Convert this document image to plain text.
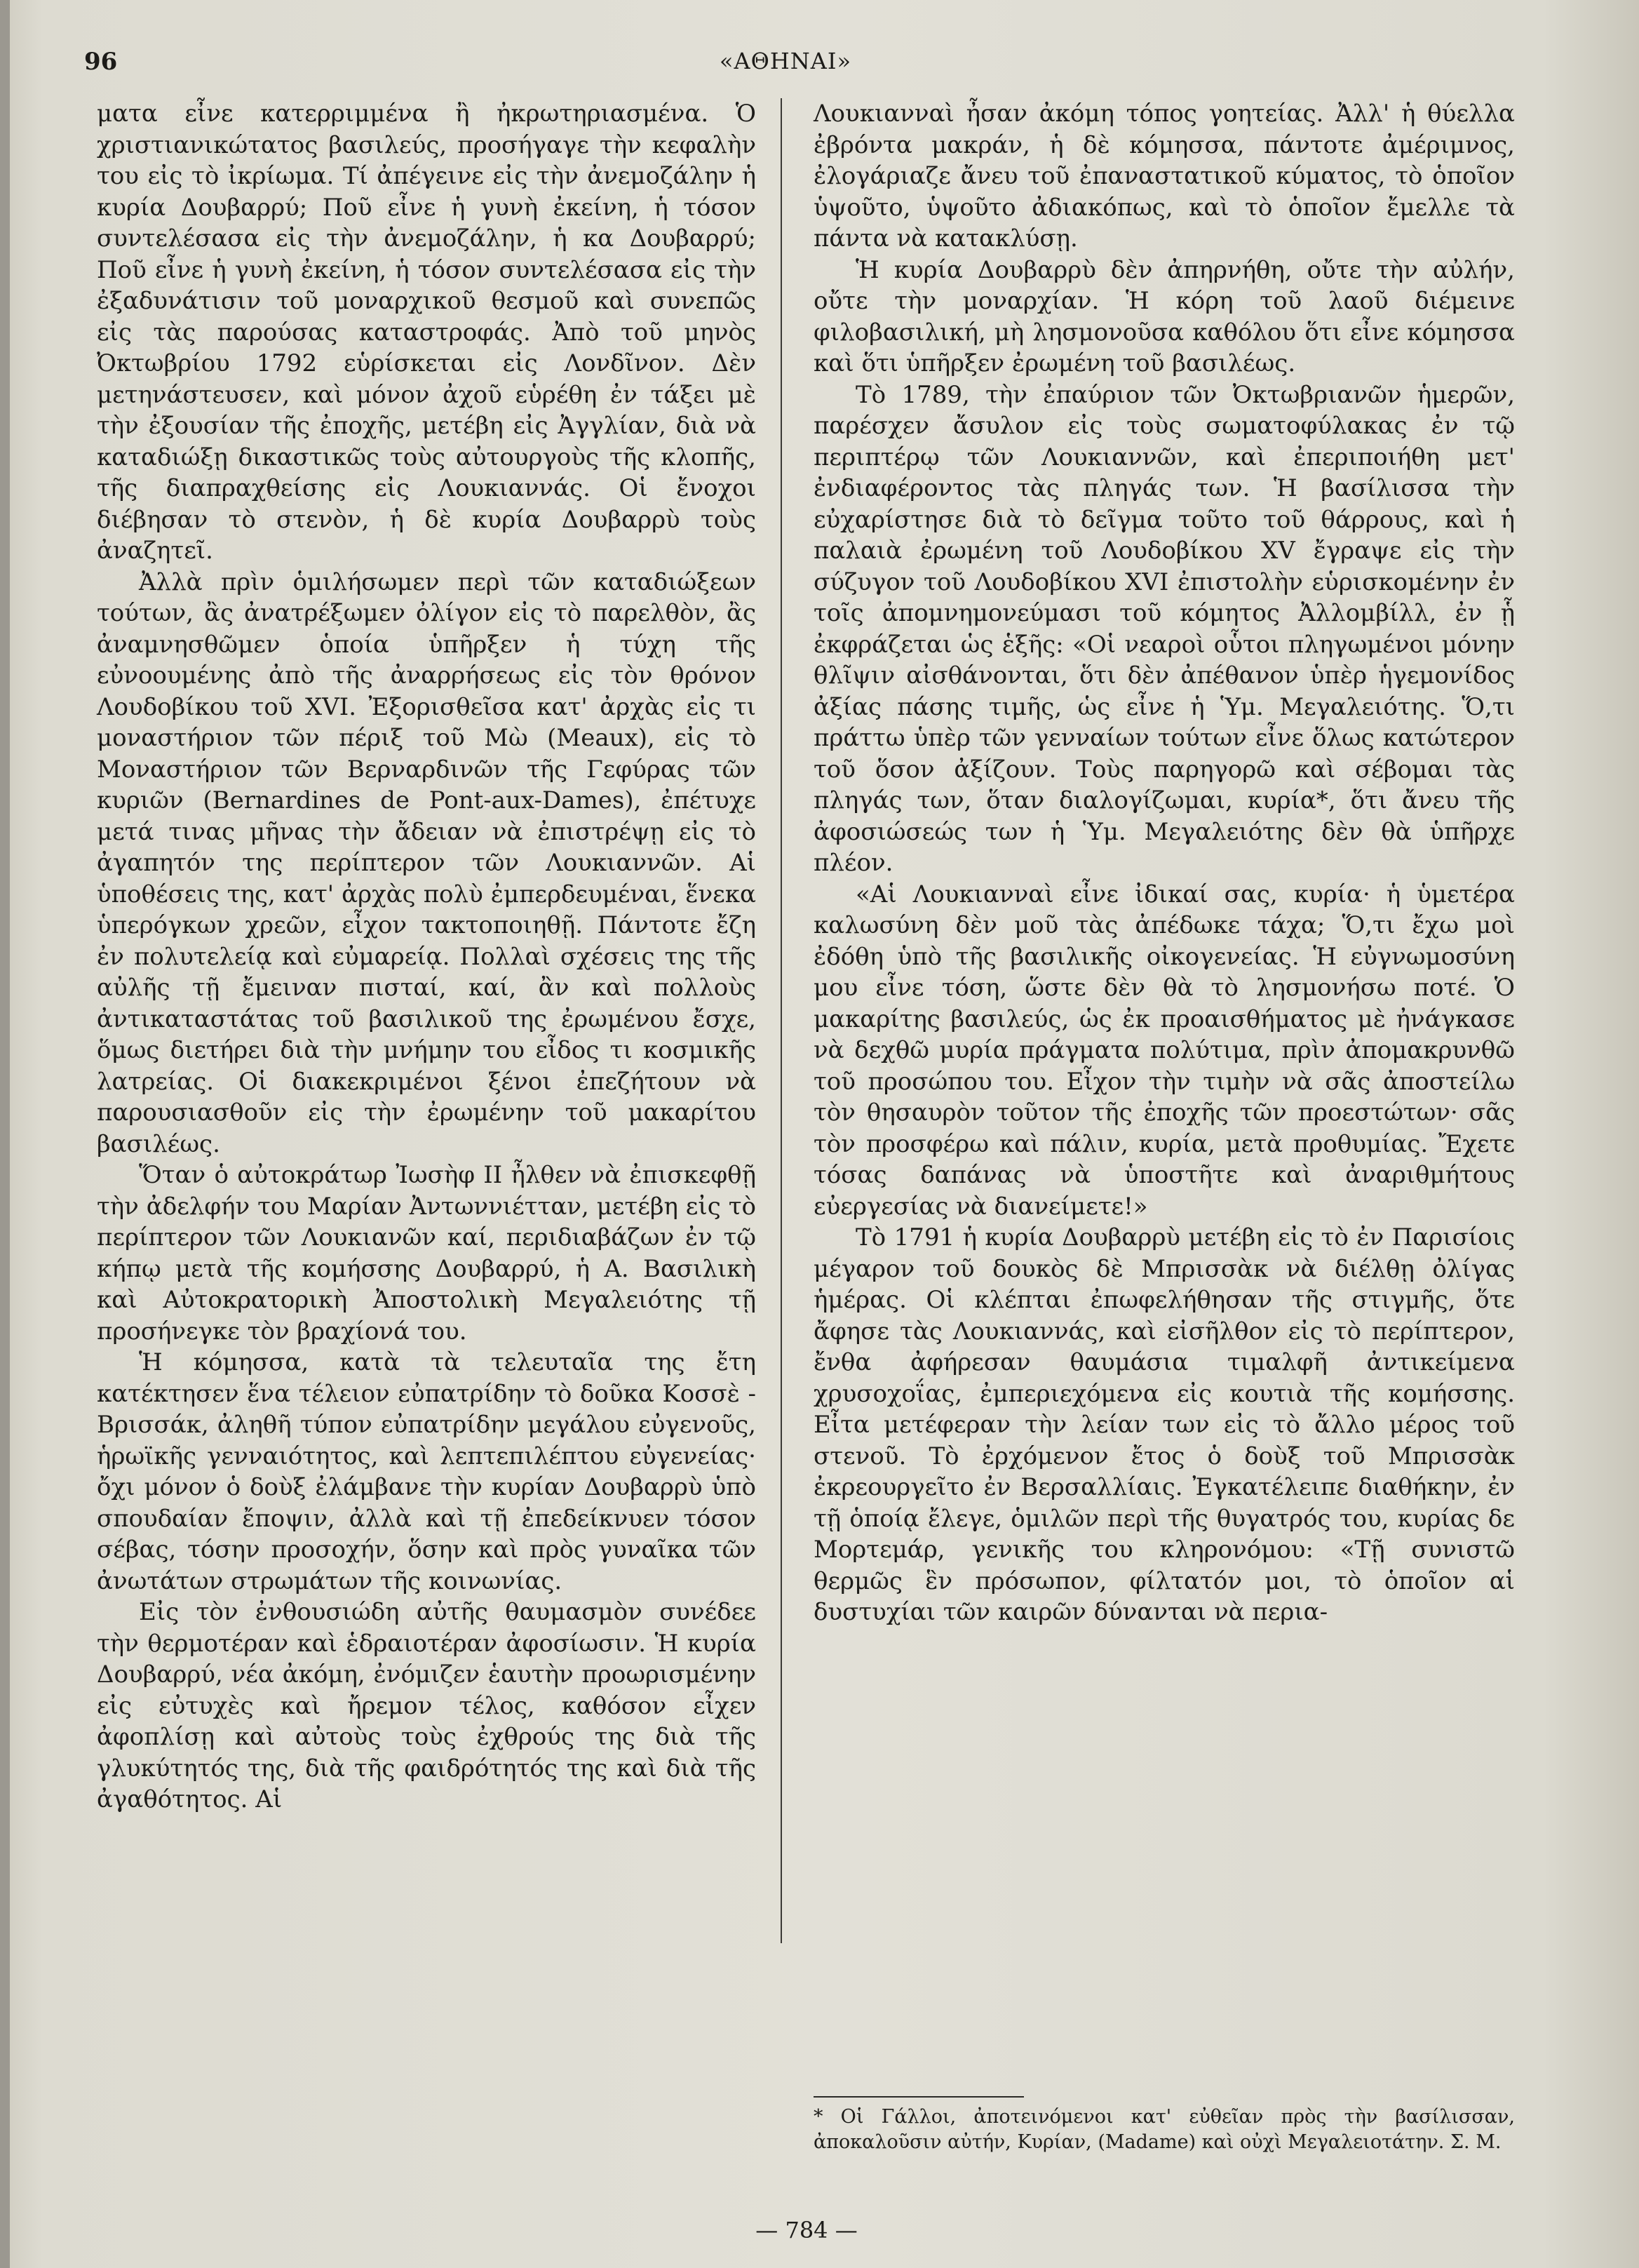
96	«ΑΘΗΝΑΙ»

ματα εἶνε κατερριμμένα ἢ ἠκρωτηριασμένα. Ὁ χριστιανικώτατος βασιλεύς, προσήγαγε τὴν κεφαλὴν του εἰς τὸ ἰκρίωμα. Τί ἀπέγεινε εἰς τὴν ἀνεμοζάλην ἡ κυρία Δουβαρρύ; Ποῦ εἶνε ἡ γυνὴ ἐκείνη, ἡ τόσον συντελέσασα εἰς τὴν ἀνεμοζάλην, ἡ κα Δουβαρρύ; Ποῦ εἶνε ἡ γυνὴ ἐκείνη, ἡ τόσον συντελέσασα εἰς τὴν ἐξαδυνάτισιν τοῦ μοναρχικοῦ θεσμοῦ καὶ συνεπῶς εἰς τὰς παρούσας καταστροφάς. Ἀπὸ τοῦ μηνὸς Ὀκτωβρίου 1792 εὑρίσκεται εἰς Λονδῖνον. Δὲν μετηνάστευσεν, καὶ μόνον ἀχοῦ εὑρέθη ἐν τάξει μὲ τὴν ἐξουσίαν τῆς ἐποχῆς, μετέβη εἰς Ἀγγλίαν, διὰ νὰ καταδιώξῃ δικαστικῶς τοὺς αὐτουργοὺς τῆς κλοπῆς, τῆς διαπραχθείσης εἰς Λουκιαννάς. Οἱ ἔνοχοι διέβησαν τὸ στενὸν, ἡ δὲ κυρία Δουβαρρὺ τοὺς ἀναζητεῖ.

Ἀλλὰ πρὶν ὁμιλήσωμεν περὶ τῶν καταδιώξεων τούτων, ἂς ἀνατρέξωμεν ὀλίγον εἰς τὸ παρελθὸν, ἂς ἀναμνησθῶμεν ὁποία ὑπῆρξεν ἡ τύχη τῆς εὐνοουμένης ἀπὸ τῆς ἀναρρήσεως εἰς τὸν θρόνον Λουδοβίκου τοῦ XVI. Ἐξορισθεῖσα κατ' ἀρχὰς εἰς τι μοναστήριον τῶν πέριξ τοῦ Μὼ (Meaux), εἰς τὸ Μοναστήριον τῶν Βερναρδινῶν τῆς Γεφύρας τῶν κυριῶν (Bernardines de Pont-aux-Dames), ἐπέτυχε μετά τινας μῆνας τὴν ἄδειαν νὰ ἐπιστρέψῃ εἰς τὸ ἀγαπητόν της περίπτερον τῶν Λουκιαννῶν. Αἱ ὑποθέσεις της, κατ' ἀρχὰς πολὺ ἐμπερδευμέναι, ἕνεκα ὑπερόγκων χρεῶν, εἶχον τακτοποιηθῇ. Πάντοτε ἔζη ἐν πολυτελείᾳ καὶ εὐμαρείᾳ. Πολλαὶ σχέσεις της τῆς αὐλῆς τῇ ἔμειναν πισταί, καί, ἂν καὶ πολλοὺς ἀντικαταστάτας τοῦ βασιλικοῦ της ἐρωμένου ἔσχε, ὅμως διετήρει διὰ τὴν μνήμην του εἶδος τι κοσμικῆς λατρείας. Οἱ διακεκριμένοι ξένοι ἐπεζήτουν νὰ παρουσιασθοῦν εἰς τὴν ἐρωμένην τοῦ μακαρίτου βασιλέως.

Ὅταν ὁ αὐτοκράτωρ Ἰωσὴφ ΙΙ ἦλθεν νὰ ἐπισκεφθῇ τὴν ἀδελφήν του Μαρίαν Ἀντωννιέτταν, μετέβη εἰς τὸ περίπτερον τῶν Λουκιανῶν καί, περιδιαβάζων ἐν τῷ κήπῳ μετὰ τῆς κομήσσης Δουβαρρύ, ἡ Α. Βασιλικὴ καὶ Αὐτοκρατορικὴ Ἀποστολικὴ Μεγαλειότης τῇ προσήνεγκε τὸν βραχίονά του.

Ἡ κόμησσα, κατὰ τὰ τελευταῖα της ἔτη κατέκτησεν ἕνα τέλειον εὐπατρίδην τὸ δοῦκα Κοσσὲ - Βρισσάκ, ἀληθῆ τύπον εὐπατρίδην μεγάλου εὐγενοῦς, ἡρωϊκῆς γενναιότητος, καὶ λεπτεπιλέπτου εὐγενείας· ὄχι μόνον ὁ δοὺξ ἐλάμβανε τὴν κυρίαν Δουβαρρὺ ὑπὸ σπουδαίαν ἔποψιν, ἀλλὰ καὶ τῇ ἐπεδείκνυεν τόσον σέβας, τόσην προσοχήν, ὅσην καὶ πρὸς γυναῖκα τῶν ἀνωτάτων στρωμάτων τῆς κοινωνίας.

Εἰς τὸν ἐνθουσιώδη αὐτῆς θαυμασμὸν συνέδεε τὴν θερμοτέραν καὶ ἑδραιοτέραν ἀφοσίωσιν. Ἡ κυρία Δουβαρρύ, νέα ἀκόμη, ἐνόμιζεν ἑαυτὴν προωρισμένην εἰς εὐτυχὲς καὶ ἤρεμον τέλος, καθόσον εἶχεν ἀφοπλίσῃ καὶ αὐτοὺς τοὺς ἐχθρούς της διὰ τῆς γλυκύτητός της, διὰ τῆς φαιδρότητός της καὶ διὰ τῆς ἀγαθότητος. Αἱ

Λουκιανναὶ ἦσαν ἀκόμη τόπος γοητείας. Ἀλλ' ἡ θύελλα ἐβρόντα μακράν, ἡ δὲ κόμησσα, πάντοτε ἀμέριμνος, ἐλογάριαζε ἄνευ τοῦ ἐπαναστατικοῦ κύματος, τὸ ὁποῖον ὑψοῦτο, ὑψοῦτο ἀδιακόπως, καὶ τὸ ὁποῖον ἔμελλε τὰ πάντα νὰ κατακλύσῃ.

Ἡ κυρία Δουβαρρὺ δὲν ἀπηρνήθη, οὔτε τὴν αὐλήν, οὔτε τὴν μοναρχίαν. Ἡ κόρη τοῦ λαοῦ διέμεινε φιλοβασιλική, μὴ λησμονοῦσα καθόλου ὅτι εἶνε κόμησσα καὶ ὅτι ὑπῆρξεν ἐρωμένη τοῦ βασιλέως.

Τὸ 1789, τὴν ἐπαύριον τῶν Ὀκτωβριανῶν ἡμερῶν, παρέσχεν ἄσυλον εἰς τοὺς σωματοφύλακας ἐν τῷ περιπτέρῳ τῶν Λουκιαννῶν, καὶ ἐπεριποιήθη μετ' ἐνδιαφέροντος τὰς πληγάς των. Ἡ βασίλισσα τὴν εὐχαρίστησε διὰ τὸ δεῖγμα τοῦτο τοῦ θάρρους, καὶ ἡ παλαιὰ ἐρωμένη τοῦ Λουδοβίκου XV ἔγραψε εἰς τὴν σύζυγον τοῦ Λουδοβίκου XVI ἐπιστολὴν εὑρισκομένην ἐν τοῖς ἀπομνημονεύμασι τοῦ κόμητος Ἀλλομβίλλ, ἐν ᾗ ἐκφράζεται ὡς ἑξῆς: «Οἱ νεαροὶ οὗτοι πληγωμένοι μόνην θλῖψιν αἰσθάνονται, ὅτι δὲν ἀπέθανον ὑπὲρ ἡγεμονίδος ἀξίας πάσης τιμῆς, ὡς εἶνε ἡ Ὑμ. Μεγαλειότης. Ὅ,τι πράττω ὑπὲρ τῶν γενναίων τούτων εἶνε ὅλως κατώτερον τοῦ ὅσον ἀξίζουν. Τοὺς παρηγορῶ καὶ σέβομαι τὰς πληγάς των, ὅταν διαλογίζωμαι, κυρία*, ὅτι ἄνευ τῆς ἀφοσιώσεώς των ἡ Ὑμ. Μεγαλειότης δὲν θὰ ὑπῆρχε πλέον.

«Αἱ Λουκιανναὶ εἶνε ἰδικαί σας, κυρία· ἡ ὑμετέρα καλωσύνη δὲν μοῦ τὰς ἀπέδωκε τάχα; Ὅ,τι ἔχω μοὶ ἐδόθη ὑπὸ τῆς βασιλικῆς οἰκογενείας. Ἡ εὐγνωμοσύνη μου εἶνε τόση, ὥστε δὲν θὰ τὸ λησμονήσω ποτέ. Ὁ μακαρίτης βασιλεύς, ὡς ἐκ προαισθήματος μὲ ἠνάγκασε νὰ δεχθῶ μυρία πράγματα πολύτιμα, πρὶν ἀπομακρυνθῶ τοῦ προσώπου του. Εἶχον τὴν τιμὴν νὰ σᾶς ἀποστείλω τὸν θησαυρὸν τοῦτον τῆς ἐποχῆς τῶν προεστώτων· σᾶς τὸν προσφέρω καὶ πάλιν, κυρία, μετὰ προθυμίας. Ἔχετε τόσας δαπάνας νὰ ὑποστῆτε καὶ ἀναριθμήτους εὐεργεσίας νὰ διανείμετε!»

Τὸ 1791 ἡ κυρία Δουβαρρὺ μετέβη εἰς τὸ ἐν Παρισίοις μέγαρον τοῦ δουκὸς δὲ Μπρισσὰκ νὰ διέλθῃ ὀλίγας ἡμέρας. Οἱ κλέπται ἐπωφελήθησαν τῆς στιγμῆς, ὅτε ἄφησε τὰς Λουκιαννάς, καὶ εἰσῆλθον εἰς τὸ περίπτερον, ἔνθα ἀφήρεσαν θαυμάσια τιμαλφῆ ἀντικείμενα χρυσοχοΐας, ἐμπεριεχόμενα εἰς κουτιὰ τῆς κομήσσης. Εἶτα μετέφεραν τὴν λείαν των εἰς τὸ ἄλλο μέρος τοῦ στενοῦ. Τὸ ἐρχόμενον ἔτος ὁ δοὺξ τοῦ Μπρισσὰκ ἐκρεουργεῖτο ἐν Βερσαλλίαις. Ἐγκατέλειπε διαθήκην, ἐν τῇ ὁποίᾳ ἔλεγε, ὁμιλῶν περὶ τῆς θυγατρός του, κυρίας δε Μορτεμάρ, γενικῆς του κληρονόμου: «Τῇ συνιστῶ θερμῶς ἓν πρόσωπον, φίλτατόν μοι, τὸ ὁποῖον αἱ δυστυχίαι τῶν καιρῶν δύνανται νὰ περια-

* Οἱ Γάλλοι, ἀποτεινόμενοι κατ' εὐθεῖαν πρὸς τὴν βασίλισσαν, ἀποκαλοῦσιν αὐτήν, Κυρίαν, (Madame) καὶ οὐχὶ Μεγαλειοτάτην. Σ. Μ.
— 784 —
